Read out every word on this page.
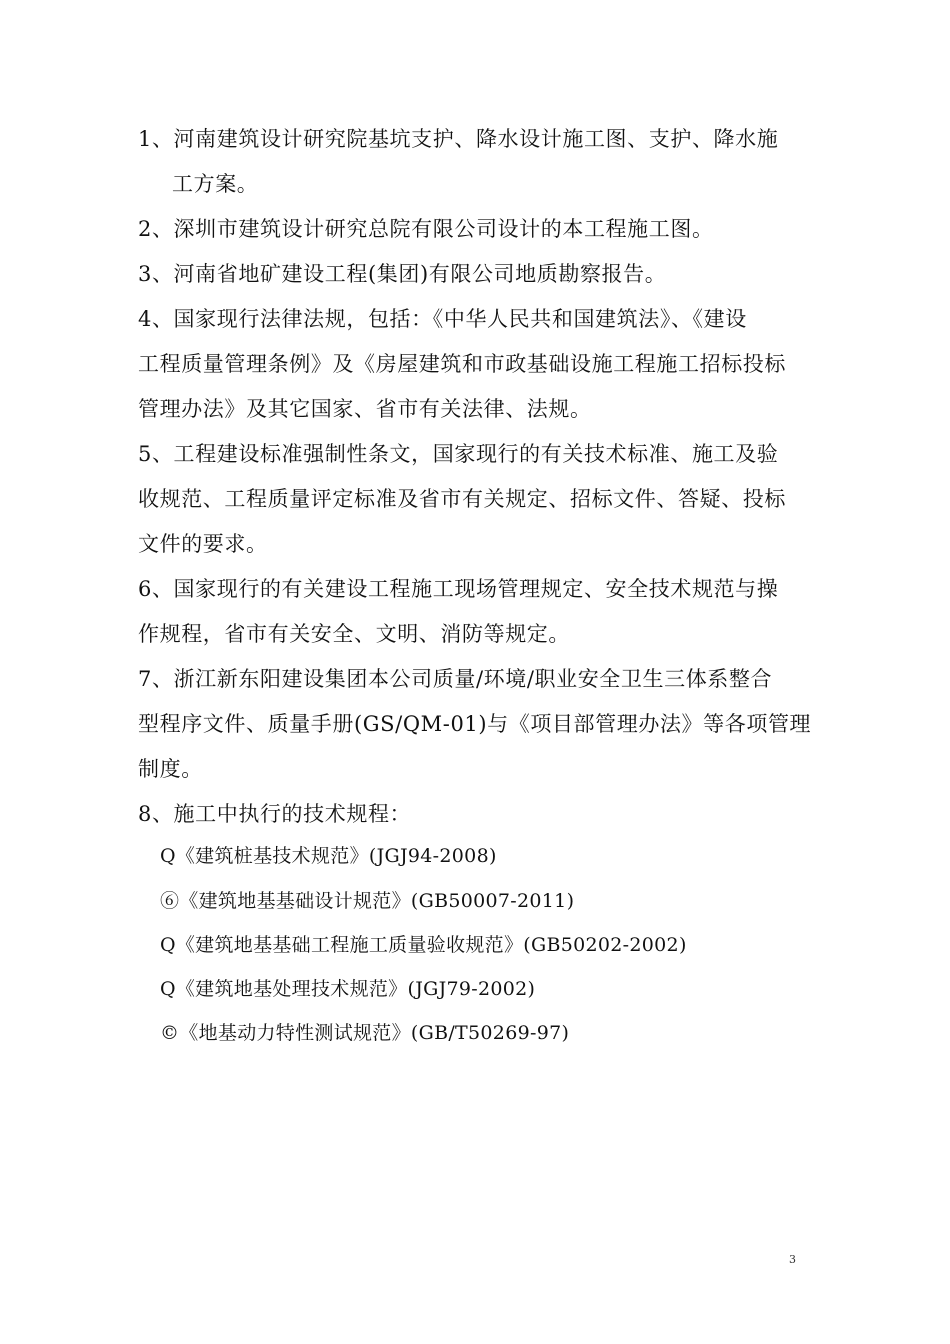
1、河南建筑设计研究院基坑支护、降水设计施工图、支护、降水施
工方案。
2、深圳市建筑设计研究总院有限公司设计的本工程施工图。
3、河南省地矿建设工程(集团)有限公司地质勘察报告。
4、国家现行法律法规，包括：《中华人民共和国建筑法》、《建设
工程质量管理条例》及《房屋建筑和市政基础设施工程施工招标投标
管理办法》及其它国家、省市有关法律、法规。
5、工程建设标准强制性条文，国家现行的有关技术标准、施工及验
收规范、工程质量评定标准及省市有关规定、招标文件、答疑、投标
文件的要求。
6、国家现行的有关建设工程施工现场管理规定、安全技术规范与操
作规程，省市有关安全、文明、消防等规定。
7、浙江新东阳建设集团本公司质量/环境/职业安全卫生三体系整合
型程序文件、质量手册(GS/QM-01)与《项目部管理办法》等各项管理
制度。
8、施工中执行的技术规程：
Q《建筑桩基技术规范》(JGJ94-2008)
⑥《建筑地基基础设计规范》(GB50007-2011)
Q《建筑地基基础工程施工质量验收规范》(GB50202-2002)
Q《建筑地基处理技术规范》(JGJ79-2002)
©《地基动力特性测试规范》(GB/T50269-97)
3
